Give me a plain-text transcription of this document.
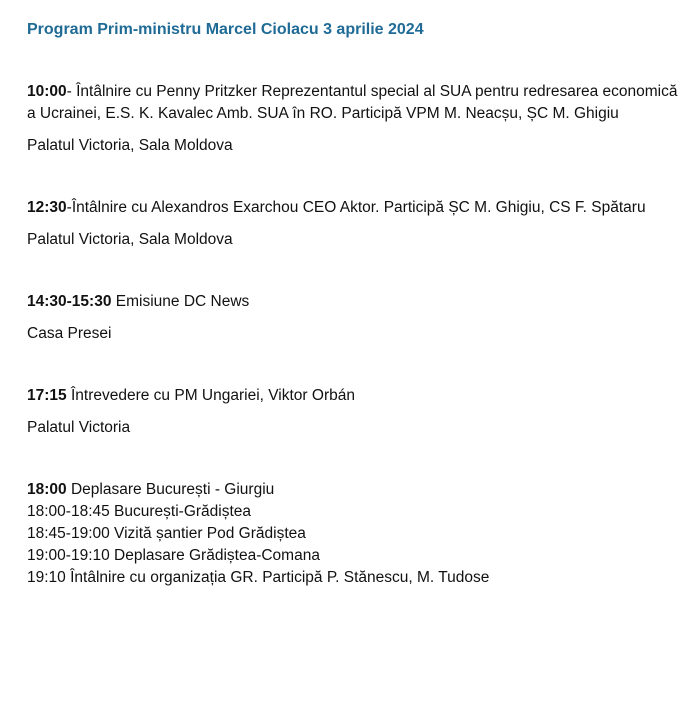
Program Prim-ministru Marcel Ciolacu 3 aprilie 2024

10:00- Întâlnire cu Penny Pritzker Reprezentantul special al SUA pentru redresarea economică a Ucrainei, E.S. K. Kavalec Amb. SUA în RO. Participă VPM M. Neacșu, ȘC M. Ghigiu

Palatul Victoria, Sala Moldova

12:30-Întâlnire cu Alexandros Exarchou CEO Aktor. Participă ȘC M. Ghigiu, CS F. Spătaru

Palatul Victoria, Sala Moldova

14:30-15:30 Emisiune DC News

Casa Presei

17:15 Întrevedere cu PM Ungariei, Viktor Orbán

Palatul Victoria

18:00 Deplasare București - Giurgiu

18:00-18:45 București-Grădiștea

18:45-19:00 Vizită șantier Pod Grădiștea

19:00-19:10 Deplasare Grădiștea-Comana

19:10 Întâlnire cu organizația GR. Participă P. Stănescu, M. Tudose
